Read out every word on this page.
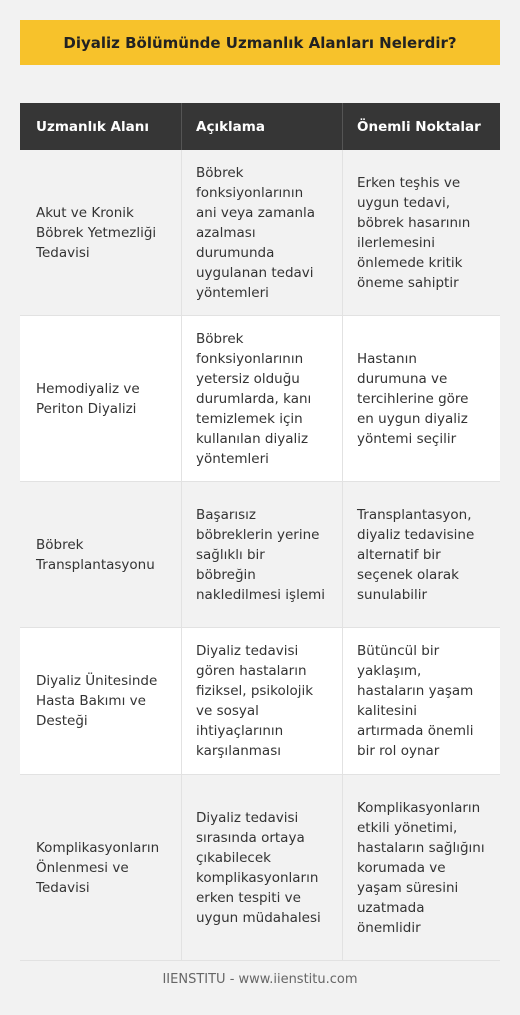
Diyaliz Bölümünde Uzmanlık Alanları Nelerdir?
Uzmanlık Alanı	Açıklama	Önemli Noktalar
Akut ve Kronik Böbrek Yetmezliği Tedavisi
Böbrek fonksiyonlarının ani veya zamanla azalması durumunda uygulanan tedavi yöntemleri
Erken teşhis ve uygun tedavi, böbrek hasarının ilerlemesini önlemede kritik öneme sahiptir
Hemodiyaliz ve Periton Diyalizi
Böbrek fonksiyonlarının yetersiz olduğu durumlarda, kanı temizlemek için kullanılan diyaliz yöntemleri
Hastanın durumuna ve tercihlerine göre en uygun diyaliz yöntemi seçilir
Böbrek Transplantasyonu
Başarısız böbreklerin yerine sağlıklı bir böbreğin nakledilmesi işlemi
Transplantasyon, diyaliz tedavisine alternatif bir seçenek olarak sunulabilir
Diyaliz Ünitesinde Hasta Bakımı ve Desteği
Diyaliz tedavisi gören hastaların fiziksel, psikolojik ve sosyal ihtiyaçlarının karşılanması
Bütüncül bir yaklaşım, hastaların yaşam kalitesini artırmada önemli bir rol oynar
Komplikasyonların Önlenmesi ve Tedavisi
Diyaliz tedavisi sırasında ortaya çıkabilecek komplikasyonların erken tespiti ve uygun müdahalesi
Komplikasyonların etkili yönetimi, hastaların sağlığını korumada ve yaşam süresini uzatmada önemlidir
IIENSTITU - www.iienstitu.com
